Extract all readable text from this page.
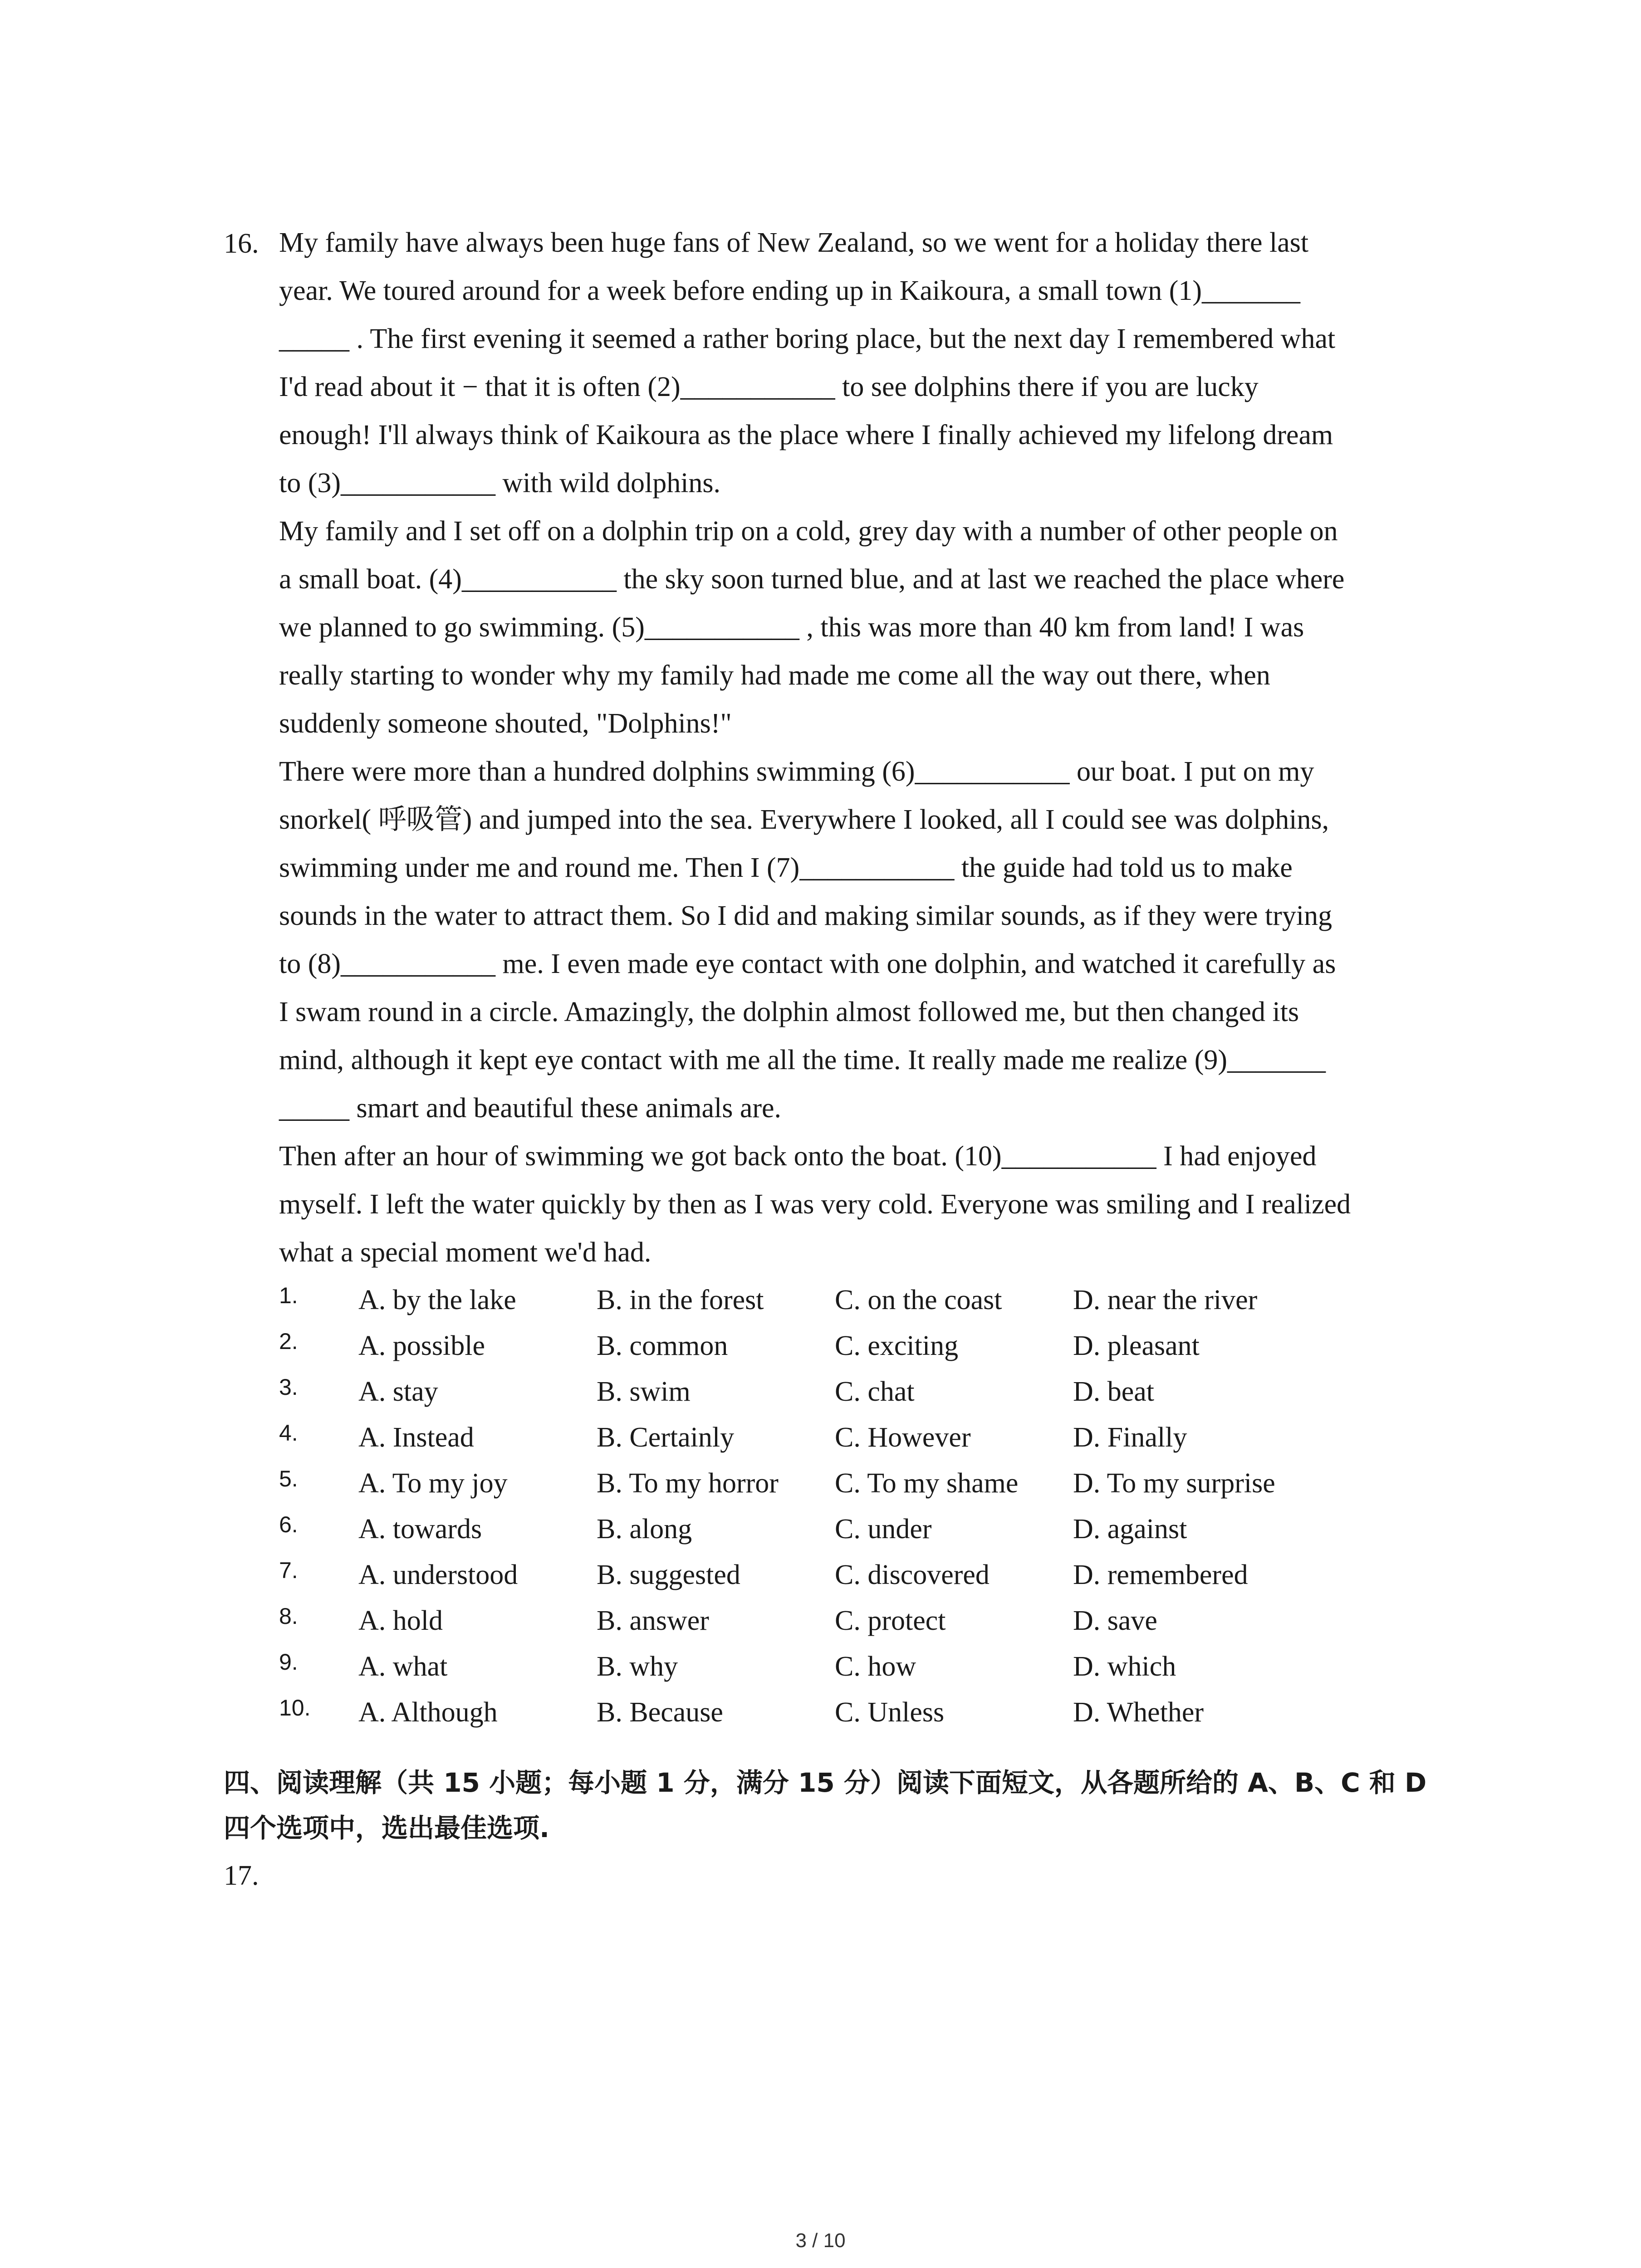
16. My family have always been huge fans of New Zealand, so we went for a holiday there last
year. We toured around for a week before ending up in Kaikoura, a small town (1)_______
_____ . The first evening it seemed a rather boring place, but the next day I remembered what
I'd read about it − that it is often (2)___________ to see dolphins there if you are lucky
enough! I'll always think of Kaikoura as the place where I finally achieved my lifelong dream
to (3)___________ with wild dolphins.
My family and I set off on a dolphin trip on a cold, grey day with a number of other people on
a small boat. (4)___________ the sky soon turned blue, and at last we reached the place where
we planned to go swimming. (5)___________ , this was more than 40 km from land! I was
really starting to wonder why my family had made me come all the way out there, when
suddenly someone shouted, "Dolphins!"
There were more than a hundred dolphins swimming (6)___________ our boat. I put on my
snorkel( 呼吸管) and jumped into the sea. Everywhere I looked, all I could see was dolphins,
swimming under me and round me. Then I (7)___________ the guide had told us to make
sounds in the water to attract them. So I did and making similar sounds, as if they were trying
to (8)___________ me. I even made eye contact with one dolphin, and watched it carefully as
I swam round in a circle. Amazingly, the dolphin almost followed me, but then changed its
mind, although it kept eye contact with me all the time. It really made me realize (9)_______
_____ smart and beautiful these animals are.
Then after an hour of swimming we got back onto the boat. (10)___________ I had enjoyed
myself. I left the water quickly by then as I was very cold. Everyone was smiling and I realized
what a special moment we'd had.
1. A. by the lake	B. in the forest	C. on the coast	D. near the river
2. A. possible	B. common	C. exciting	D. pleasant
3. A. stay	B. swim	C. chat	D. beat
4. A. Instead	B. Certainly	C. However	D. Finally
5. A. To my joy	B. To my horror C. To my shame D. To my surprise
6. A. towards	B. along	C. under	D. against
7. A. understood	B. suggested	C. discovered	D. remembered
8. A. hold	B. answer	C. protect	D. save
9. A. what	B. why	C. how	D. which
10. A. Although	B. Because	C. Unless	D. Whether
四、阅读理解（共 15 小题；每小题 1 分，满分 15 分）阅读下面短文，从各题所给的 A、B、C 和 D 四个选项中，选出最佳选项.
17.
3 / 10
